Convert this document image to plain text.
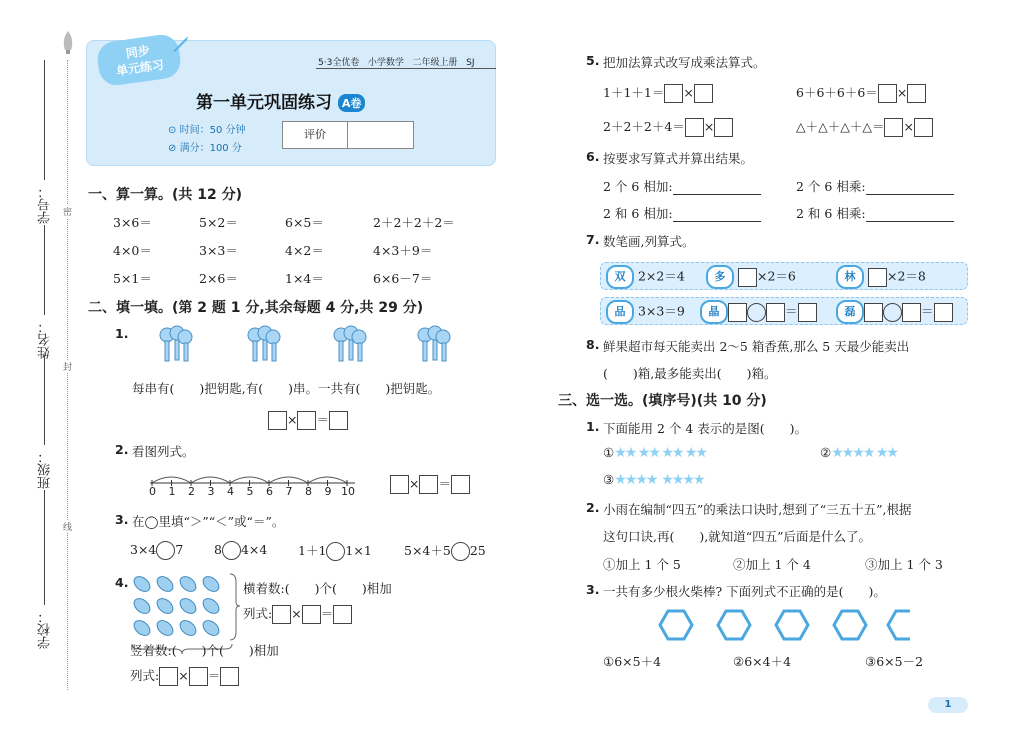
学号：
姓名：
班级：
学校：
密
封
线
同步
单元练习	5·3全优卷 小学数学 二年级上册 SJ
第一单元巩固练习 A卷
⊙ 时间：50 分钟
⊘ 满分：100 分
评价
一、算一算。(共 12 分)
3×6＝	5×2＝	6×5＝	2＋2＋2＋2＝
4×0＝	3×3＝	4×2＝	4×3＋9＝
5×1＝	2×6＝	1×4＝	6×6－7＝
二、填一填。(第 2 题 1 分,其余每题 4 分,共 29 分)
1.
每串有(　　)把钥匙,有(　　)串。一共有(　　)把钥匙。
× ＝
2. 看图列式。
0 1 2 3 4 5 6 7 8 9 10
× ＝
3. 在◯里填“＞”“＜”或“＝”。
3×4 7	8 4×4	1＋1 1×1	5×4＋5 25
4.	横着数:(　　)个(　　)相加
列式: × ＝
竖着数:(　　)个(　　)相加
列式: × ＝
5. 把加法算式改写成乘法算式。
1＋1＋1＝ ×	6＋6＋6＋6＝ ×
2＋2＋2＋4＝ ×	△＋△＋△＋△＝ ×
6. 按要求写算式并算出结果。
2 个 6 相加:	2 个 6 相乘:
2 和 6 相加:	2 和 6 相乘:
7. 数笔画,列算式。
双 2×2＝4	多	×2＝6	林	×2＝8
品 3×3＝9	晶	＝	磊	＝
8. 鲜果超市每天能卖出 2～5 箱香蕉,那么 5 天最少能卖出
(　　)箱,最多能卖出(　　)箱。
三、选一选。(填序号)(共 10 分)
1. 下面能用 2 个 4 表示的是图(　　)。
①★★ ★★ ★★ ★★	②★★★★ ★★
③★★★★  ★★★★
2. 小雨在编制“四五”的乘法口诀时,想到了“三五十五”,根据
这句口诀,再(　　),就知道“四五”后面是什么了。
①加上 1 个 5	②加上 1 个 4	③加上 1 个 3
3. 一共有多少根火柴棒? 下面列式不正确的是(　　)。
①6×5＋4	②6×4＋4	③6×5－2
1
